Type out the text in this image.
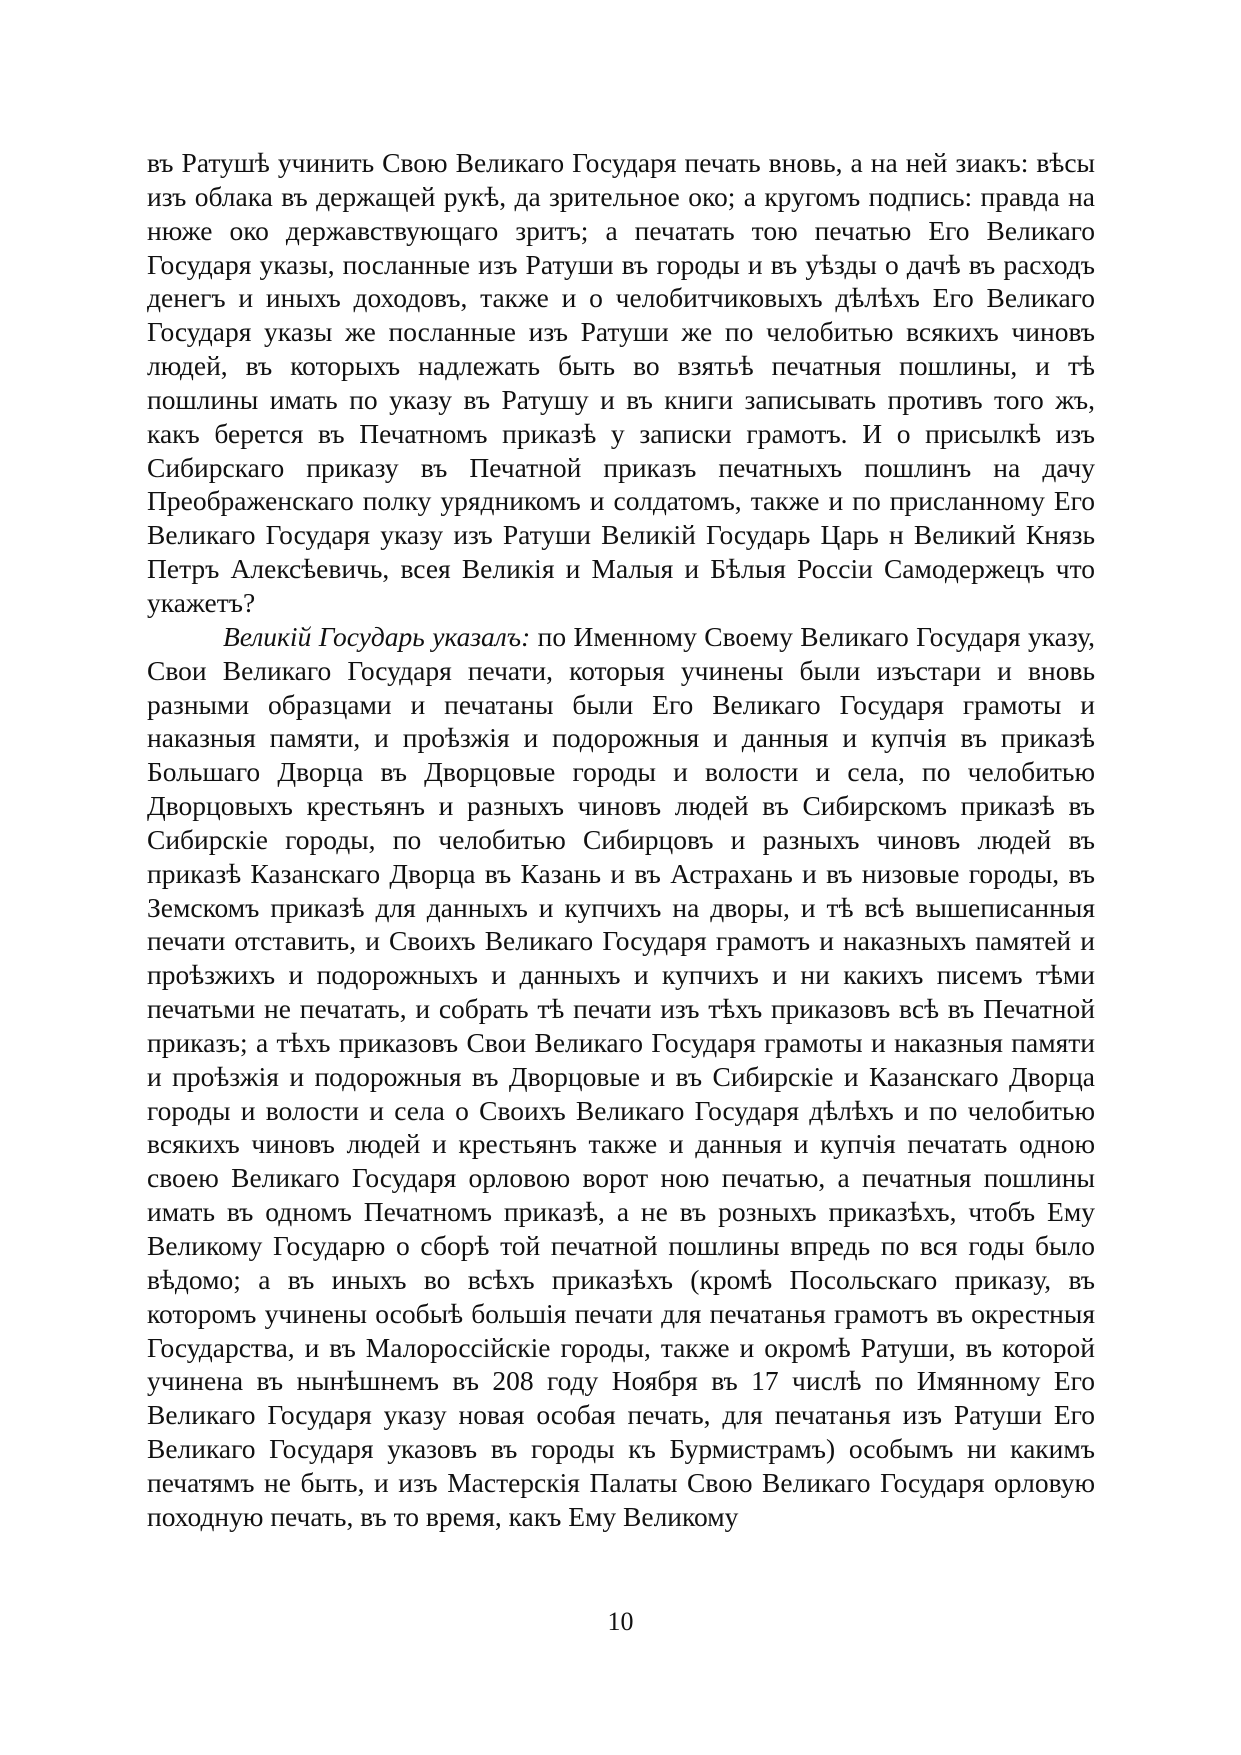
въ Ратушѣ учинить Свою Великаго Государя печать вновь, а на ней зиакъ: вѣсы изъ облака въ держащей рукѣ, да зрительное око; а кругомъ подпись: правда на нюже око державствующаго зритъ; а печатать тою печатью Его Великаго Государя указы, посланные изъ Ратуши въ городы и въ уѣзды о дачѣ въ расходъ денегъ и иныхъ доходовъ, также и о челобитчиковыхъ дѣлѣхъ Его Великаго Государя указы же посланные изъ Ратуши же по челобитью всякихъ чиновъ людей, въ которыхъ надлежать быть во взятьѣ печатныя пошлины, и тѣ пошлины имать по указу въ Ратушу и въ книги записывать противъ того жъ, какъ берется въ Печатномъ приказѣ у записки грамотъ. И о присылкѣ изъ Сибирскаго приказу въ Печатной приказъ печатныхъ пошлинъ на дачу Преображенскаго полку урядникомъ и солдатомъ, также и по присланному Его Великаго Государя указу изъ Ратуши Великій Государь Царь н Великий Князь Петръ Алексѣевичь, всея Великія и Малыя и Бѣлыя Россіи Самодержецъ что укажетъ?

Великій Государь указалъ: по Именному Своему Великаго Государя указу, Свои Великаго Государя печати, которыя учинены были изъстари и вновь разными образцами и печатаны были Его Великаго Государя грамоты и наказныя памяти, и проѣзжія и подорожныя и данныя и купчія въ приказѣ Большаго Дворца въ Дворцовые городы и волости и села, по челобитью Дворцовыхъ крестьянъ и разныхъ чиновъ людей въ Сибирскомъ приказѣ въ Сибирскіе городы, по челобитью Сибирцовъ и разныхъ чиновъ людей въ приказѣ Казанскаго Дворца въ Казань и въ Астрахань и въ низовые городы, въ Земскомъ приказѣ для данныхъ и купчихъ на дворы, и тѣ всѣ вышеписанныя печати отставить, и Своихъ Великаго Государя грамотъ и наказныхъ памятей и проѣзжихъ и подорожныхъ и данныхъ и купчихъ и ни какихъ писемъ тѣми печатьми не печатать, и собрать тѣ печати изъ тѣхъ приказовъ всѣ въ Печатной приказъ; а тѣхъ приказовъ Свои Великаго Государя грамоты и наказныя памяти и проѣзжія и подорожныя въ Дворцовые и въ Сибирскіе и Казанскаго Дворца городы и волости и села о Своихъ Великаго Государя дѣлѣхъ и по челобитью всякихъ чиновъ людей и крестьянъ также и данныя и купчія печатать одною своею Великаго Государя орловою ворот ною печатью, а печатныя пошлины имать въ одномъ Печатномъ приказѣ, а не въ розныхъ приказѣхъ, чтобъ Ему Великому Государю о сборѣ той печатной пошлины впредь по вся годы было вѣдомо; а въ иныхъ во всѣхъ приказѣхъ (кромѣ Посольскаго приказу, въ которомъ учинены особыѣ большія печати для печатанья грамотъ въ окрестныя Государства, и въ Малороссійскіе городы, также и окромѣ Ратуши, въ которой учинена въ нынѣшнемъ въ 208 году Ноября въ 17 числѣ по Имянному Его Великаго Государя указу новая особая печать, для печатанья изъ Ратуши Его Великаго Государя указовъ въ городы къ Бурмистрамъ) особымъ ни какимъ печатямъ не быть, и изъ Мастерскія Палаты Свою Великаго Государя орловую походную печать, въ то время, какъ Ему Великому

10
